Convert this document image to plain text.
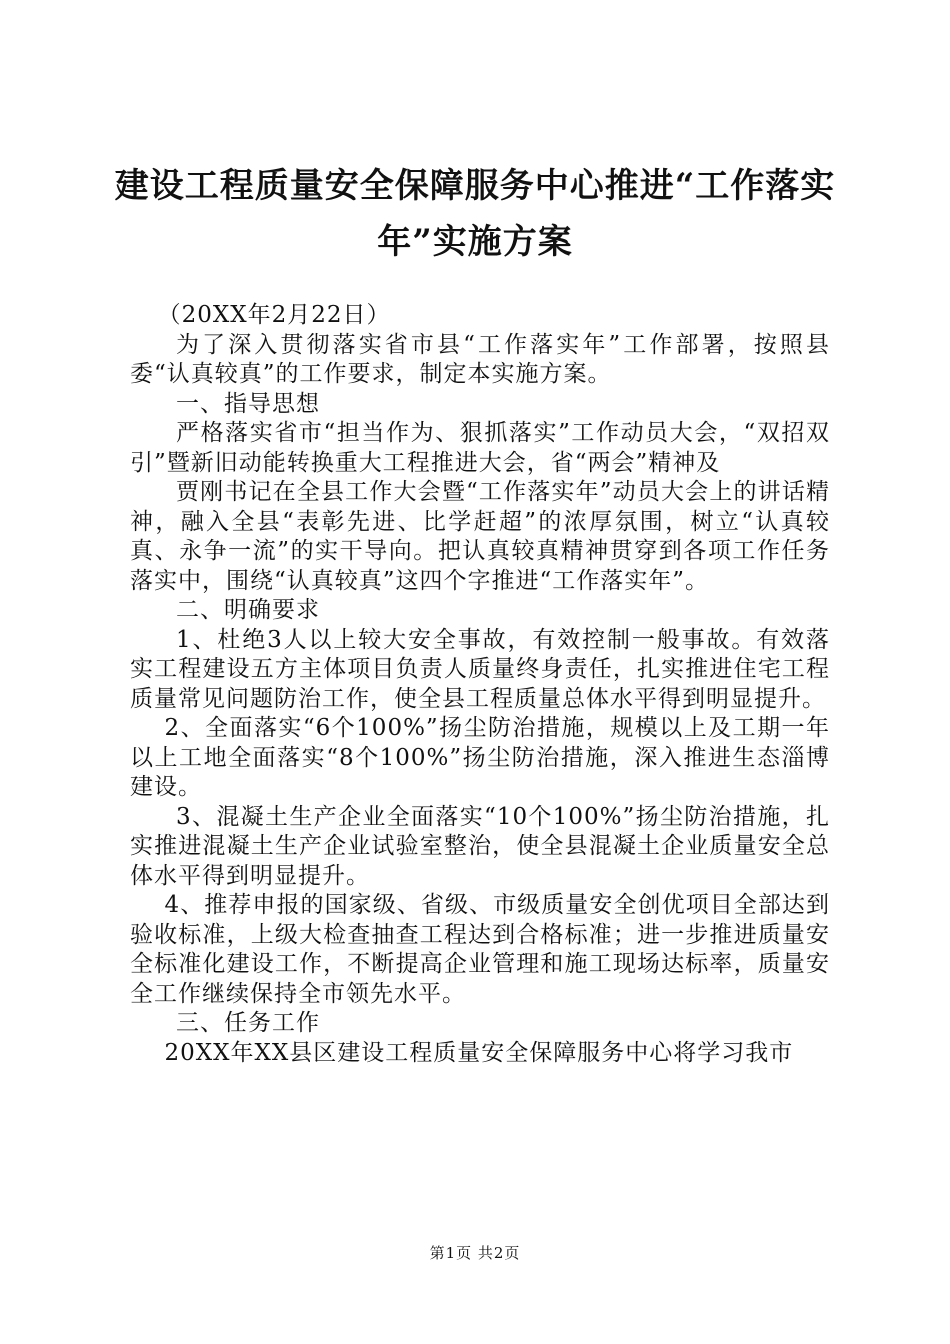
建设工程质量安全保障服务中心推进“工作落实年”实施方案

（20XX年2月22日）

为了深入贯彻落实省市县“工作落实年”工作部署，按照县委“认真较真”的工作要求，制定本实施方案。

一、指导思想

严格落实省市“担当作为、狠抓落实”工作动员大会，“双招双引”暨新旧动能转换重大工程推进大会，省“两会”精神及

贾刚书记在全县工作大会暨“工作落实年”动员大会上的讲话精神，融入全县“表彰先进、比学赶超”的浓厚氛围，树立“认真较真、永争一流”的实干导向。把认真较真精神贯穿到各项工作任务落实中，围绕“认真较真”这四个字推进“工作落实年”。

二、明确要求

1、杜绝3人以上较大安全事故，有效控制一般事故。有效落实工程建设五方主体项目负责人质量终身责任，扎实推进住宅工程质量常见问题防治工作，使全县工程质量总体水平得到明显提升。

2、全面落实“6个100%”扬尘防治措施，规模以上及工期一年以上工地全面落实“8个100%”扬尘防治措施，深入推进生态淄博建设。

3、混凝土生产企业全面落实“10个100%”扬尘防治措施，扎实推进混凝土生产企业试验室整治，使全县混凝土企业质量安全总体水平得到明显提升。

4、推荐申报的国家级、省级、市级质量安全创优项目全部达到验收标准，上级大检查抽查工程达到合格标准；进一步推进质量安全标准化建设工作，不断提高企业管理和施工现场达标率，质量安全工作继续保持全市领先水平。

三、任务工作

20XX年XX县区建设工程质量安全保障服务中心将学习我市

第1页 共2页
